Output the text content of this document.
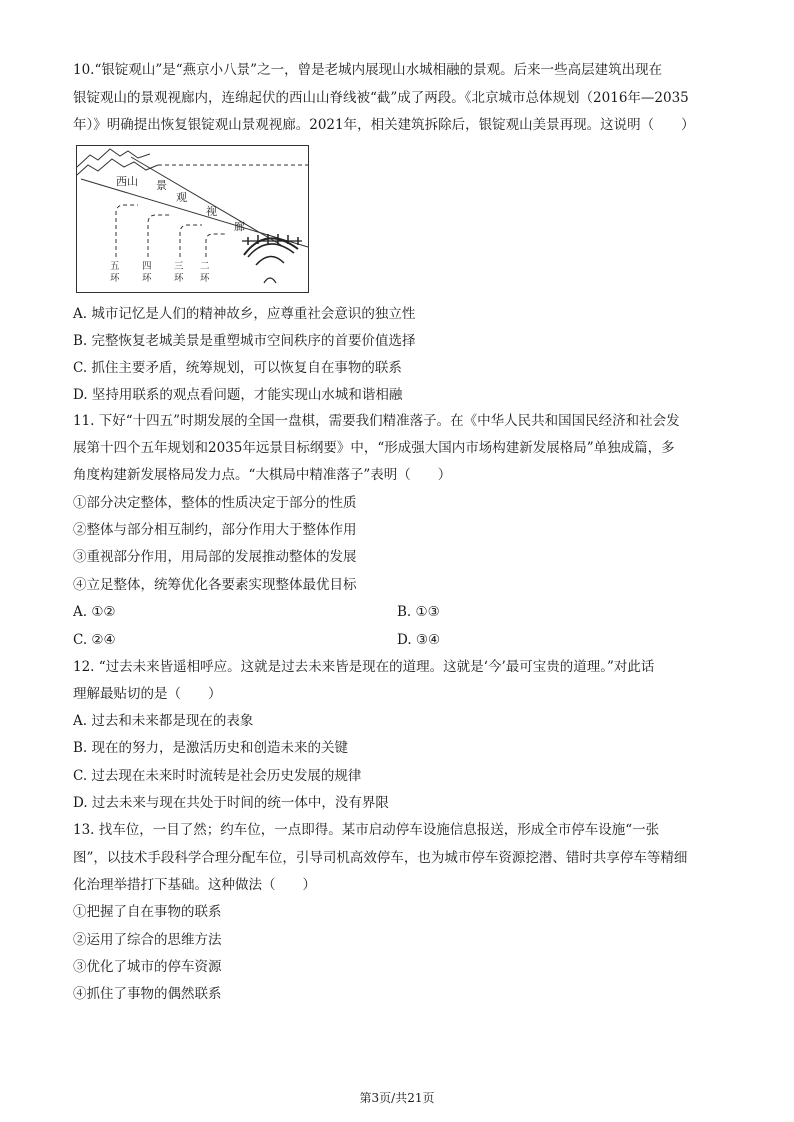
10.“银锭观山”是“燕京小八景”之一，曾是老城内展现山水城相融的景观。后来一些高层建筑出现在
银锭观山的景观视廊内，连绵起伏的西山山脊线被“截”成了两段。《北京城市总体规划（2016年—2035
年）》明确提出恢复银锭观山景观视廊。2021年，相关建筑拆除后，银锭观山美景再现。这说明（　　）
西山 景
观
视
廊
五
环
四
环
三
环
二
环
A. 城市记忆是人们的精神故乡，应尊重社会意识的独立性
B. 完整恢复老城美景是重塑城市空间秩序的首要价值选择
C. 抓住主要矛盾，统筹规划，可以恢复自在事物的联系
D. 坚持用联系的观点看问题，才能实现山水城和谐相融
11. 下好“十四五”时期发展的全国一盘棋，需要我们精准落子。在《中华人民共和国国民经济和社会发
展第十四个五年规划和2035年远景目标纲要》中，“形成强大国内市场构建新发展格局”单独成篇，多
角度构建新发展格局发力点。“大棋局中精准落子”表明（　　）
①部分决定整体，整体的性质决定于部分的性质
②整体与部分相互制约，部分作用大于整体作用
③重视部分作用，用局部的发展推动整体的发展
④立足整体，统筹优化各要素实现整体最优目标
A. ①②	B. ①③
C. ②④	D. ③④
12. “过去未来皆遥相呼应。这就是过去未来皆是现在的道理。这就是‘今’最可宝贵的道理。”对此话
理解最贴切的是（　　）
A. 过去和未来都是现在的表象
B. 现在的努力，是激活历史和创造未来的关键
C. 过去现在未来时时流转是社会历史发展的规律
D. 过去未来与现在共处于时间的统一体中，没有界限
13. 找车位，一目了然；约车位，一点即得。某市启动停车设施信息报送，形成全市停车设施“一张
图”，以技术手段科学合理分配车位，引导司机高效停车，也为城市停车资源挖潜、错时共享停车等精细
化治理举措打下基础。这种做法（　　）
①把握了自在事物的联系
②运用了综合的思维方法
③优化了城市的停车资源
④抓住了事物的偶然联系
第3页/共21页
